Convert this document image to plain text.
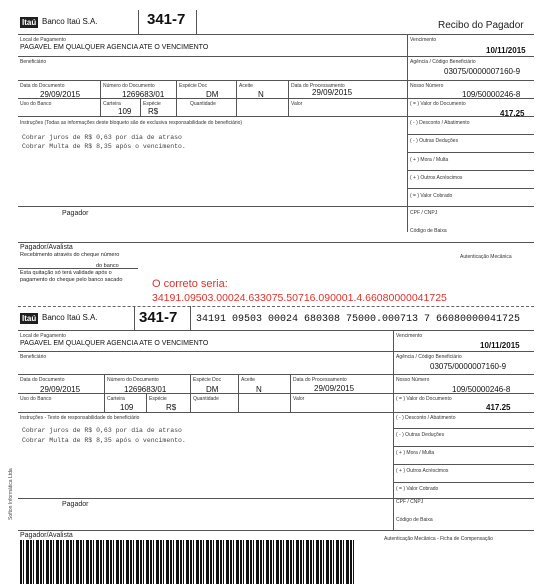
Itaú Banco Itaú S.A.	341-7	Recibo do Pagador
Local de Pagamento
PAGAVEL EM QUALQUER AGENCIA ATE O VENCIMENTO
Vencimento
10/11/2015
Beneficiário	Agência / Código Beneficiário
03075/0000007160-9
Data do Documento
29/09/2015
Número do Documento
1269683/01
Espécie Doc
DM
Aceite
N
Data do Processamento
29/09/2015
Nosso Número
109/50000246-8
Uso do Banco	Carteira
109
Espécie
R$
Quantidade	Valor	( = ) Valor do Documento
417.25
Instruções (Todas as informações deste bloqueto são de exclusiva responsabilidade do beneficiário)
Cobrar juros de R$ 0,63 por dia de atraso
Cobrar Multa de R$ 8,35 após o vencimento.
( - ) Desconto / Abatimento
( - ) Outras Deduções
( + ) Mora / Multa
( + ) Outros Acréscimos
( = ) Valor Cobrado
Pagador	CPF / CNPJ
Código de Baixa
Pagador/Avalista
Autenticação Mecânica
Recebimento através do cheque número
do banco
Esta quitação só terá validade após o
pagamento do cheque pelo banco sacado	O correto seria:
34191.09503.00024.633075.50716.090001.4.66080000041725
Itaú Banco Itaú S.A.	341-7 34191 09503 00024 680308 75000.000713 7 66080000041725
Local de Pagamento
PAGAVEL EM QUALQUER AGENCIA ATE O VENCIMENTO
Vencimento
10/11/2015
Beneficiário	Agência / Código Beneficiário
03075/0000007160-9
Data do Documento
29/09/2015
Número do Documento
1269683/01
Espécie Doc
DM
Aceite
N
Data do Processamento
29/09/2015
Nosso Número
109/50000246-8
Uso do Banco	Carteira
109
Espécie
R$
Quantidade	Valor	( = ) Valor do Documento
417.25
Instruções - Texto de responsabilidade do beneficiário
Cobrar juros de R$ 0,63 por dia de atraso
Cobrar Multa de R$ 8,35 após o vencimento.
( - ) Desconto / Abatimento
( - ) Outras Deduções
( + ) Mora / Multa
( + ) Outros Acréscimos
( = ) Valor Cobrado
Pagador	CPF / CNPJ
Código de Baixa
Pagador/Avalista	Autenticação Mecânica - Ficha de Compensação
Softon Informática Ltda
